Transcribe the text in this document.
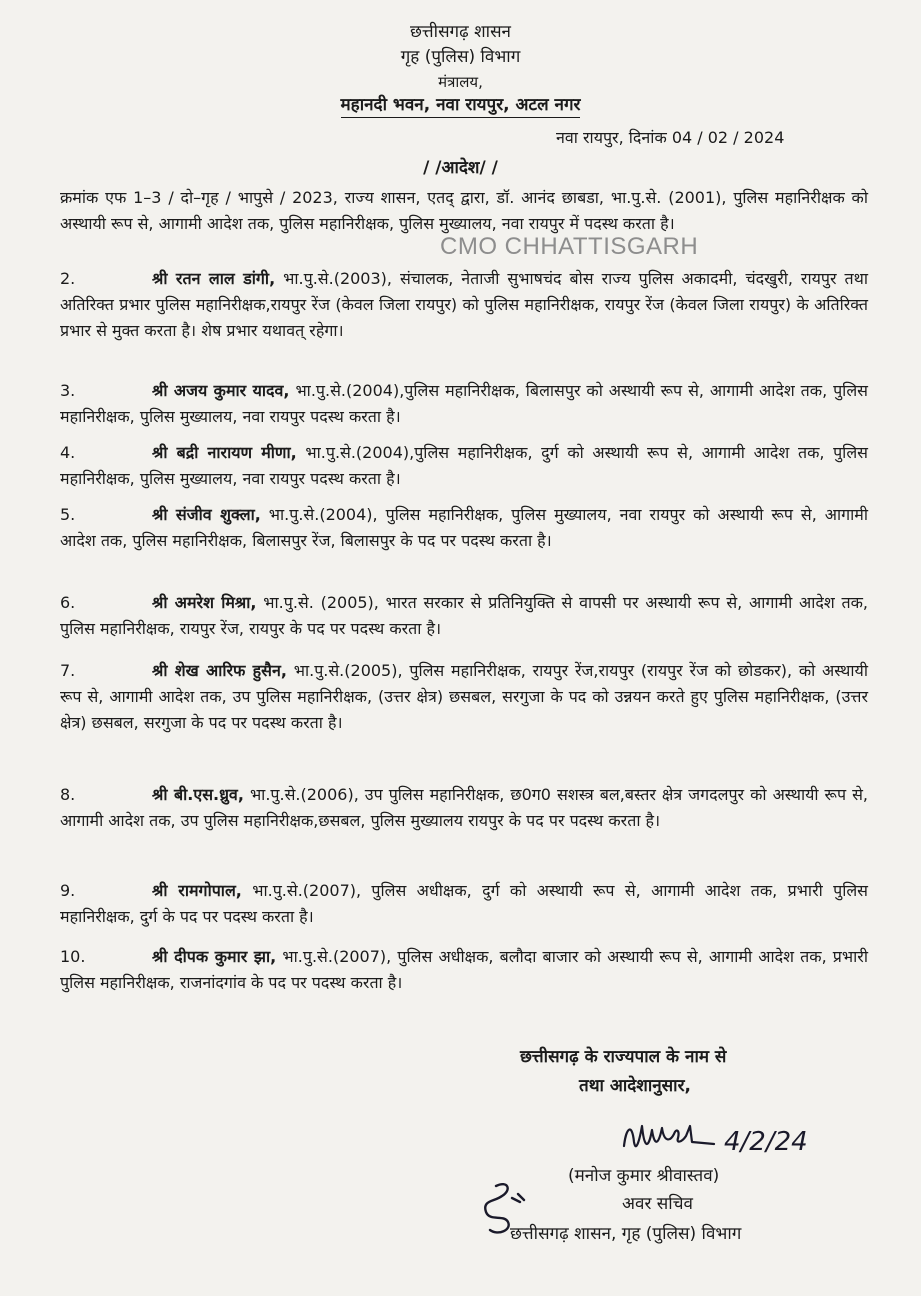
छत्तीसगढ़ शासन
गृह (पुलिस) विभाग
मंत्रालय,
महानदी भवन, नवा रायपुर, अटल नगर
नवा रायपुर, दिनांक 04 / 02 / 2024
/ /आदेश/ /
क्रमांक एफ 1–3 / दो–गृह / भापुसे / 2023, राज्य शासन, एतद् द्वारा, डॉ. आनंद छाबडा, भा.पु.से. (2001), पुलिस महानिरीक्षक को अस्थायी रूप से, आगामी आदेश तक, पुलिस महानिरीक्षक, पुलिस मुख्यालय, नवा रायपुर में पदस्थ करता है।
CMO CHHATTISGARH
2.	श्री रतन लाल डांगी, भा.पु.से.(2003), संचालक, नेताजी सुभाषचंद बोस राज्य पुलिस अकादमी, चंदखुरी, रायपुर तथा अतिरिक्त प्रभार पुलिस महानिरीक्षक,रायपुर रेंज (केवल जिला रायपुर) को पुलिस महानिरीक्षक, रायपुर रेंज (केवल जिला रायपुर) के अतिरिक्त प्रभार से मुक्त करता है। शेष प्रभार यथावत् रहेगा।
3.	श्री अजय कुमार यादव, भा.पु.से.(2004),पुलिस महानिरीक्षक, बिलासपुर को अस्थायी रूप से, आगामी आदेश तक, पुलिस महानिरीक्षक, पुलिस मुख्यालय, नवा रायपुर पदस्थ करता है।
4.	श्री बद्री नारायण मीणा, भा.पु.से.(2004),पुलिस महानिरीक्षक, दुर्ग को अस्थायी रूप से, आगामी आदेश तक, पुलिस महानिरीक्षक, पुलिस मुख्यालय, नवा रायपुर पदस्थ करता है।
5.	श्री संजीव शुक्ला, भा.पु.से.(2004), पुलिस महानिरीक्षक, पुलिस मुख्यालय, नवा रायपुर को अस्थायी रूप से, आगामी आदेश तक, पुलिस महानिरीक्षक, बिलासपुर रेंज, बिलासपुर के पद पर पदस्थ करता है।
6.	श्री अमरेश मिश्रा, भा.पु.से. (2005), भारत सरकार से प्रतिनियुक्ति से वापसी पर अस्थायी रूप से, आगामी आदेश तक, पुलिस महानिरीक्षक, रायपुर रेंज, रायपुर के पद पर पदस्थ करता है।
7.	श्री शेख आरिफ हुसैन, भा.पु.से.(2005), पुलिस महानिरीक्षक, रायपुर रेंज,रायपुर (रायपुर रेंज को छोडकर), को अस्थायी रूप से, आगामी आदेश तक, उप पुलिस महानिरीक्षक, (उत्तर क्षेत्र) छसबल, सरगुजा के पद को उन्नयन करते हुए पुलिस महानिरीक्षक, (उत्तर क्षेत्र) छसबल, सरगुजा के पद पर पदस्थ करता है।
8.	श्री बी.एस.ध्रुव, भा.पु.से.(2006), उप पुलिस महानिरीक्षक, छ0ग0 सशस्त्र बल,बस्तर क्षेत्र जगदलपुर को अस्थायी रूप से, आगामी आदेश तक, उप पुलिस महानिरीक्षक,छसबल, पुलिस मुख्यालय रायपुर के पद पर पदस्थ करता है।
9.	श्री रामगोपाल, भा.पु.से.(2007), पुलिस अधीक्षक, दुर्ग को अस्थायी रूप से, आगामी आदेश तक, प्रभारी पुलिस महानिरीक्षक, दुर्ग के पद पर पदस्थ करता है।
10.	श्री दीपक कुमार झा, भा.पु.से.(2007), पुलिस अधीक्षक, बलौदा बाजार को अस्थायी रूप से, आगामी आदेश तक, प्रभारी पुलिस महानिरीक्षक, राजनांदगांव के पद पर पदस्थ करता है।
छत्तीसगढ़ के राज्यपाल के नाम से
तथा आदेशानुसार,
4/2/24
(मनोज कुमार श्रीवास्तव)
अवर सचिव
छत्तीसगढ़ शासन, गृह (पुलिस) विभाग
